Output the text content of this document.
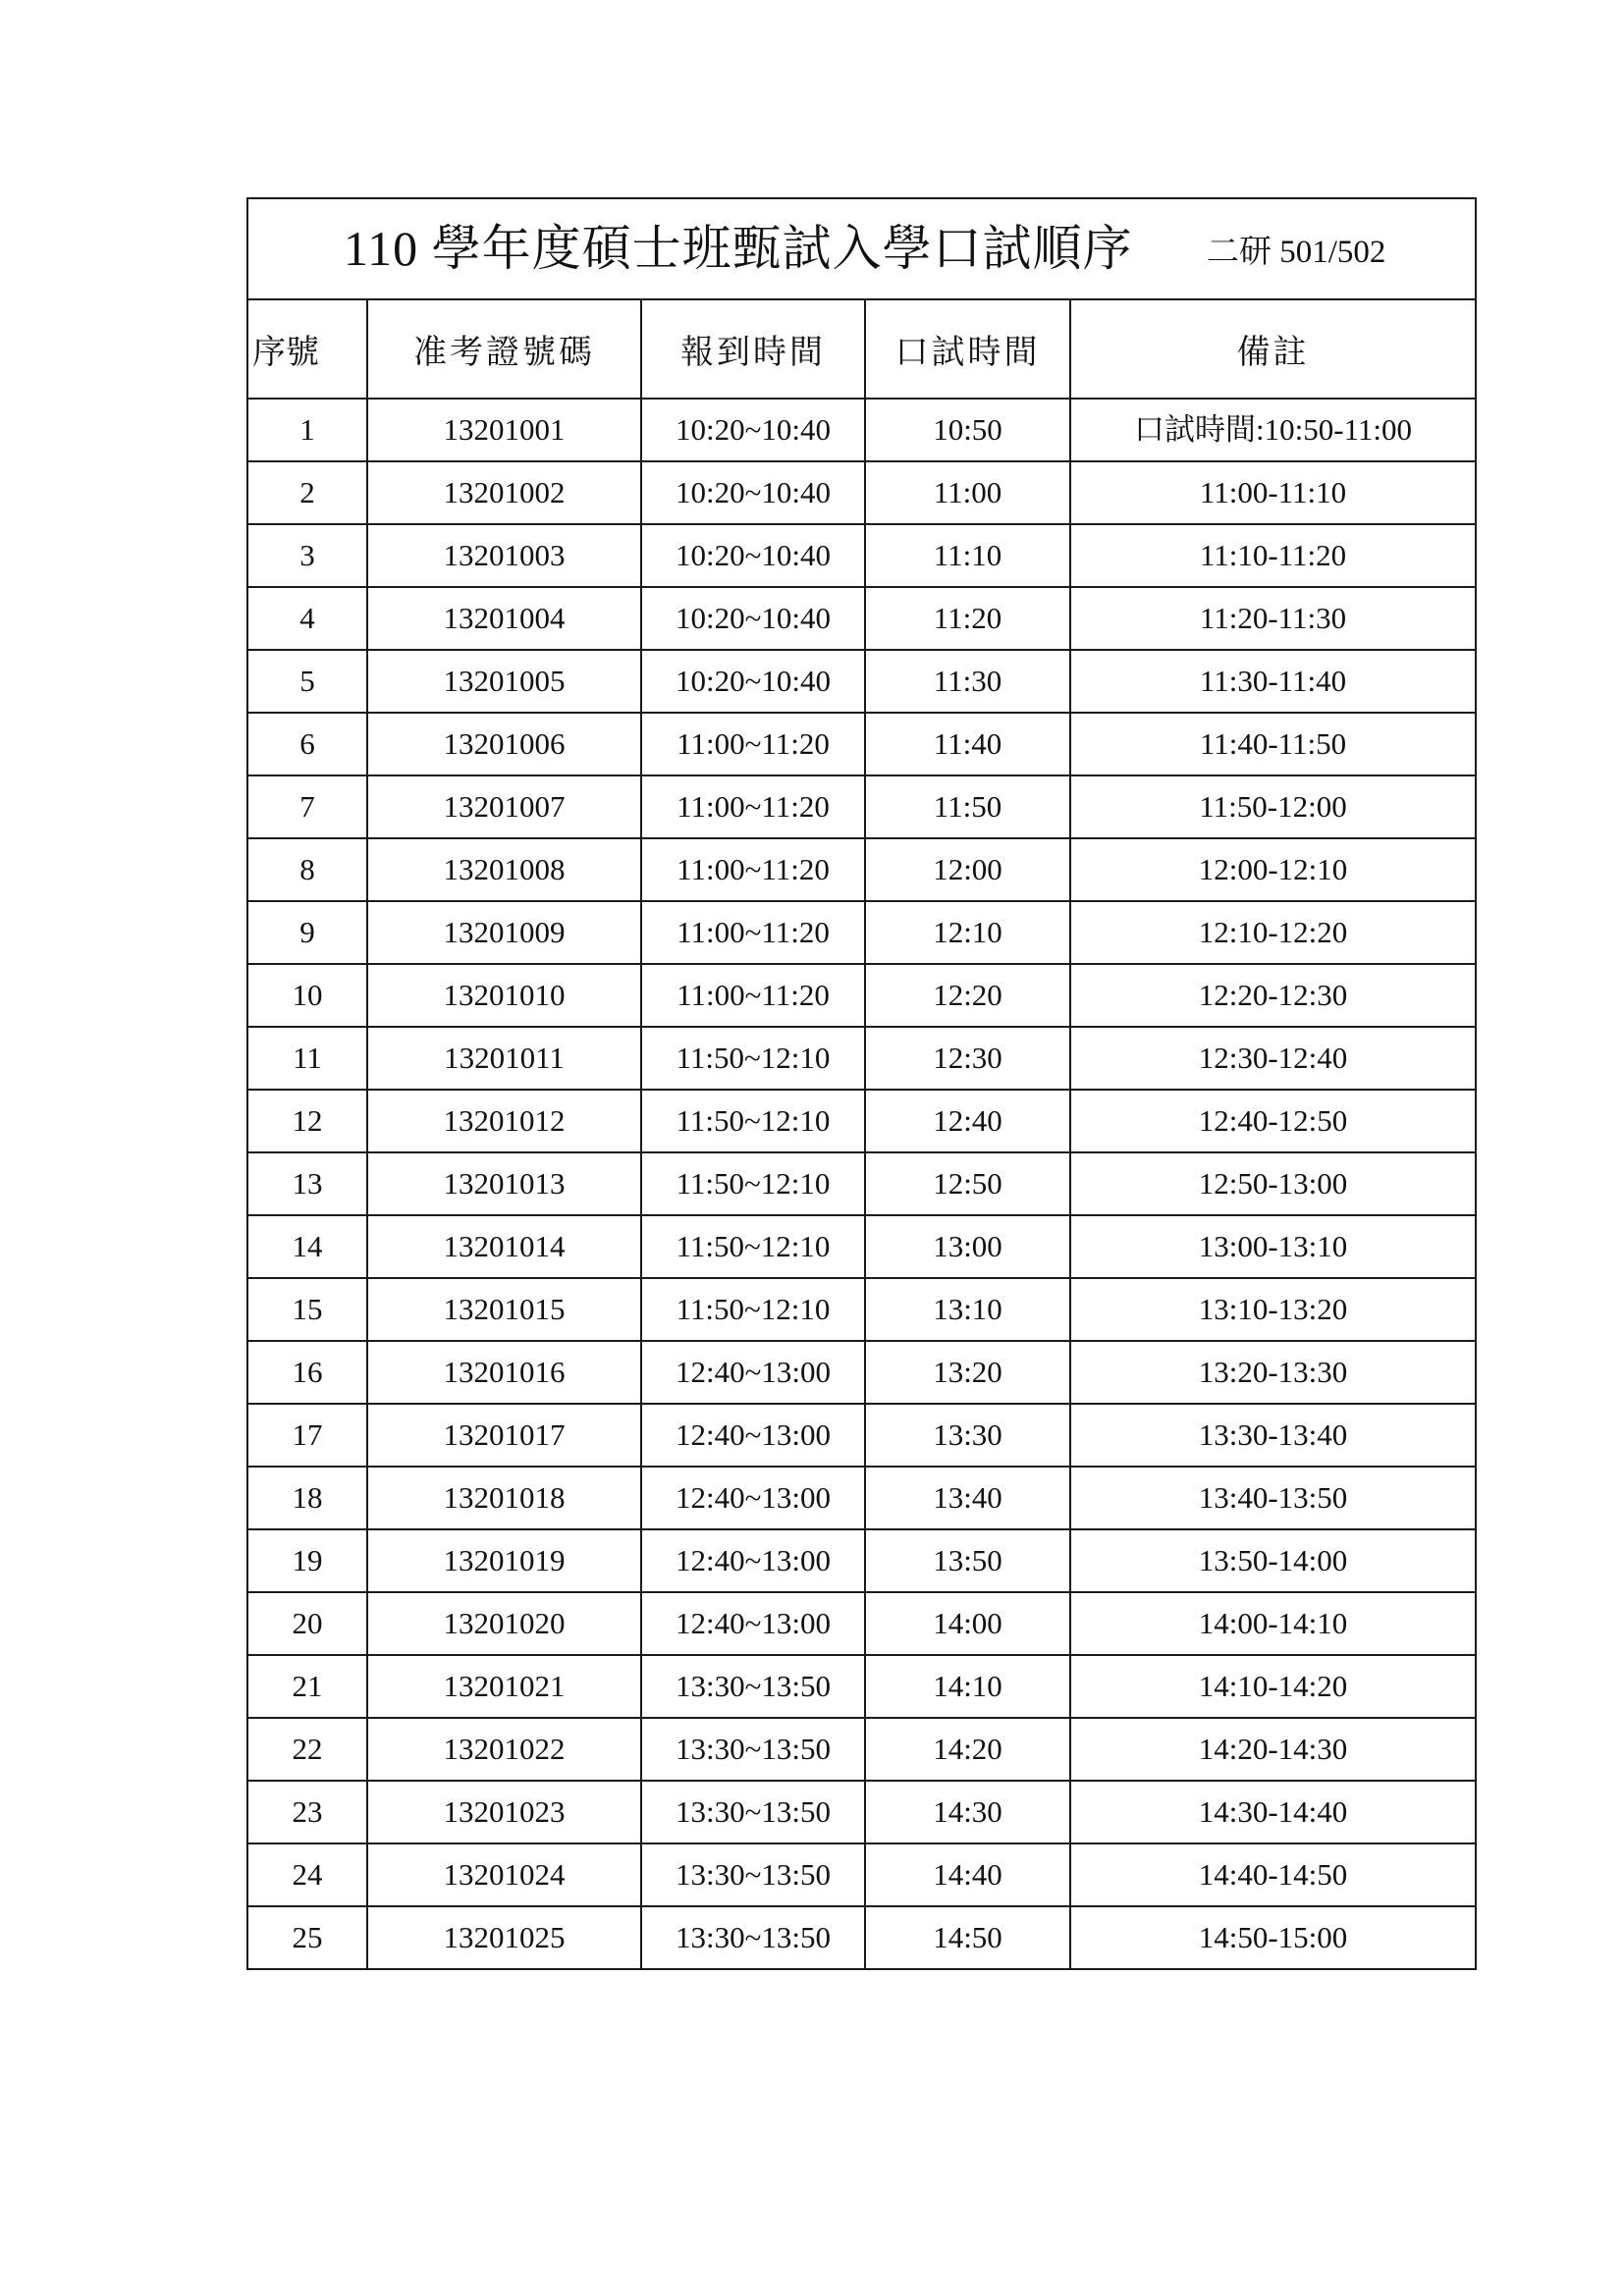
110 學年度碩士班甄試入學口試順序 二研 501/502				

序號	准考證號碼	報到時間	口試時間	備註
1	13201001	10:20~10:40	10:50	口試時間:10:50-11:00
2	13201002	10:20~10:40	11:00	11:00-11:10
3	13201003	10:20~10:40	11:10	11:10-11:20
4	13201004	10:20~10:40	11:20	11:20-11:30
5	13201005	10:20~10:40	11:30	11:30-11:40
6	13201006	11:00~11:20	11:40	11:40-11:50
7	13201007	11:00~11:20	11:50	11:50-12:00
8	13201008	11:00~11:20	12:00	12:00-12:10
9	13201009	11:00~11:20	12:10	12:10-12:20
10	13201010	11:00~11:20	12:20	12:20-12:30
11	13201011	11:50~12:10	12:30	12:30-12:40
12	13201012	11:50~12:10	12:40	12:40-12:50
13	13201013	11:50~12:10	12:50	12:50-13:00
14	13201014	11:50~12:10	13:00	13:00-13:10
15	13201015	11:50~12:10	13:10	13:10-13:20
16	13201016	12:40~13:00	13:20	13:20-13:30
17	13201017	12:40~13:00	13:30	13:30-13:40
18	13201018	12:40~13:00	13:40	13:40-13:50
19	13201019	12:40~13:00	13:50	13:50-14:00
20	13201020	12:40~13:00	14:00	14:00-14:10
21	13201021	13:30~13:50	14:10	14:10-14:20
22	13201022	13:30~13:50	14:20	14:20-14:30
23	13201023	13:30~13:50	14:30	14:30-14:40
24	13201024	13:30~13:50	14:40	14:40-14:50
25	13201025	13:30~13:50	14:50	14:50-15:00
